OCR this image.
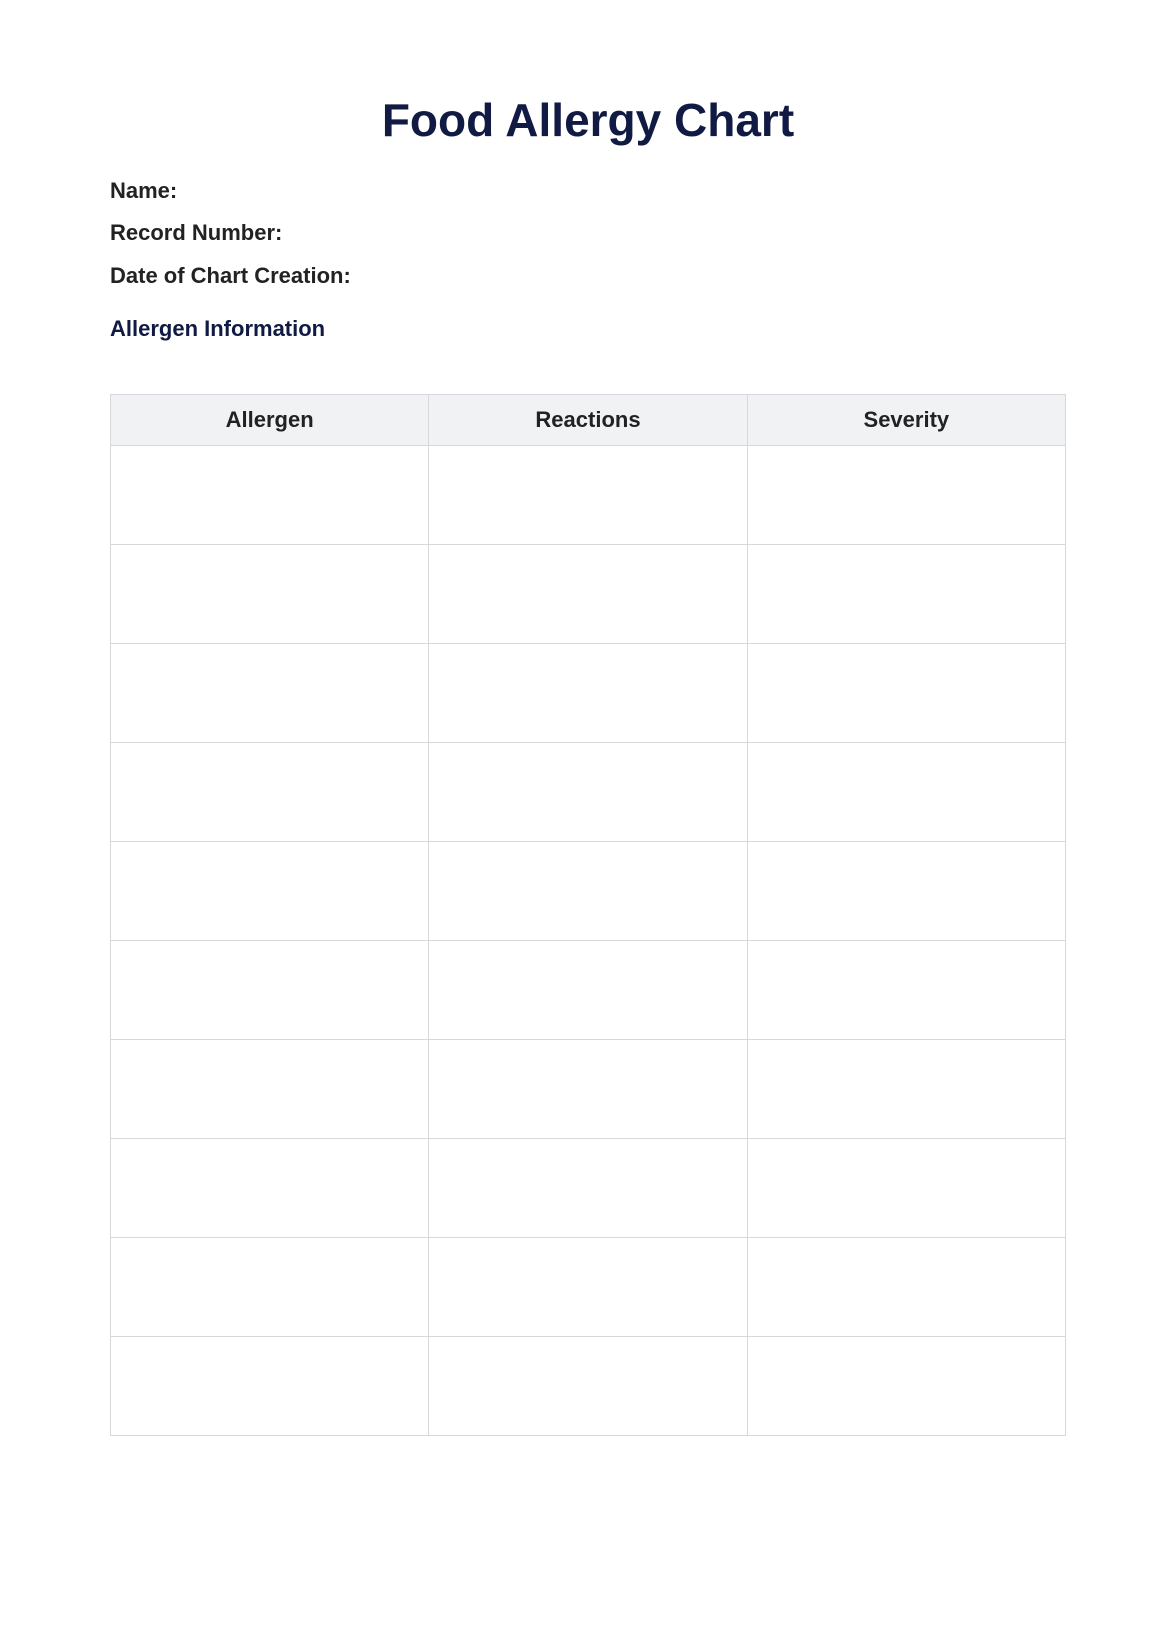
Food Allergy Chart

Name:

Record Number:

Date of Chart Creation:

Allergen Information
Allergen	Reactions	Severity
